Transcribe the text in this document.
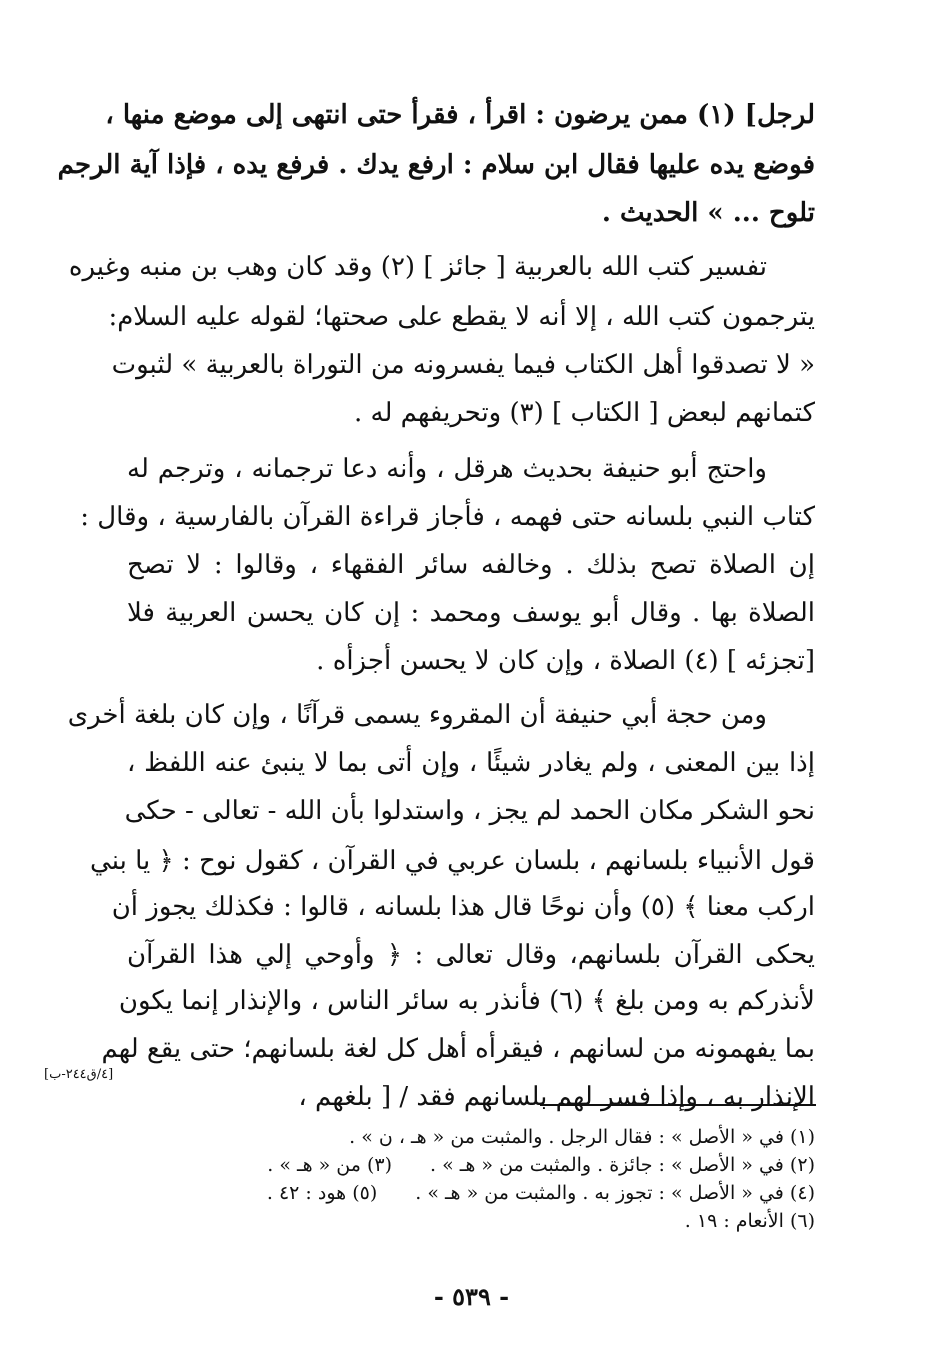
لرجل] (١) ممن يرضون : اقرأ ، فقرأ حتى انتهى إلى موضع منها ،
فوضع يده عليها فقال ابن سلام : ارفع يدك . فرفع يده ، فإذا آية الرجم
تلوح ... » الحديث .
تفسير كتب الله بالعربية [ جائز ] (٢) وقد كان وهب بن منبه وغيره
يترجمون كتب الله ، إلا أنه لا يقطع على صحتها؛ لقوله عليه السلام:
« لا تصدقوا أهل الكتاب فيما يفسرونه من التوراة بالعربية » لثبوت
كتمانهم لبعض [ الكتاب ] (٣) وتحريفهم له .
واحتج أبو حنيفة بحديث هرقل ، وأنه دعا ترجمانه ، وترجم له
كتاب النبي بلسانه حتى فهمه ، فأجاز قراءة القرآن بالفارسية ، وقال :
إن الصلاة تصح بذلك . وخالفه سائر الفقهاء ، وقالوا : لا تصح
الصلاة بها . وقال أبو يوسف ومحمد : إن كان يحسن العربية فلا
[تجزئه ] (٤) الصلاة ، وإن كان لا يحسن أجزأه .
ومن حجة أبي حنيفة أن المقروء يسمى قرآنًا ، وإن كان بلغة أخرى
إذا بين المعنى ، ولم يغادر شيئًا ، وإن أتى بما لا ينبئ عنه اللفظ ،
نحو الشكر مكان الحمد لم يجز ، واستدلوا بأن الله - تعالى - حكى
قول الأنبياء بلسانهم ، بلسان عربي في القرآن ، كقول نوح : ﴿ يا بني
اركب معنا ﴾ (٥) وأن نوحًا قال هذا بلسانه ، قالوا : فكذلك يجوز أن
يحكى القرآن بلسانهم، وقال تعالى : ﴿ وأوحي إلي هذا القرآن
لأنذركم به ومن بلغ ﴾ (٦) فأنذر به سائر الناس ، والإنذار إنما يكون
بما يفهمونه من لسانهم ، فيقرأه أهل كل لغة بلسانهم؛ حتى يقع لهم
الإنذار به ، وإذا فسر لهم بلسانهم فقد / [ بلغهم ،
[٤/ق٢٤٤-ب]
(١) في « الأصل » : فقال الرجل . والمثبت من « هـ ، ن » .
(٢) في « الأصل » : جائزة . والمثبت من « هـ » .(٣) من « هـ » .
(٤) في « الأصل » : تجوز به . والمثبت من « هـ » .(٥) هود : ٤٢ .
(٦) الأنعام : ١٩ .
- ٥٣٩ -
